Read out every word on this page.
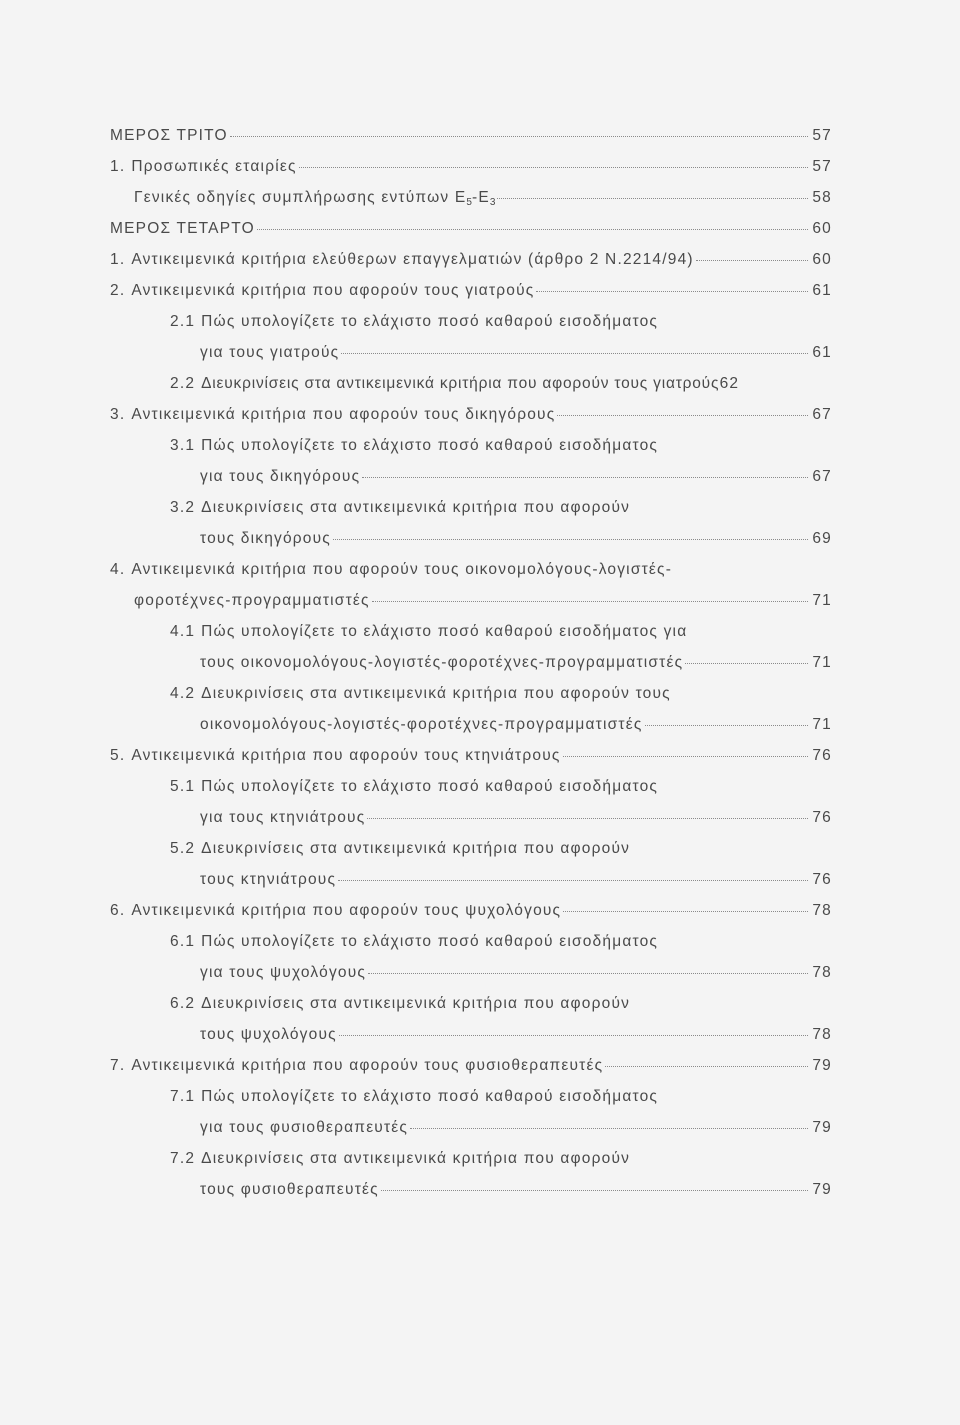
ΜΕΡΟΣ ΤΡΙΤΟ	57
1. Προσωπικές εταιρίες	57
Γενικές οδηγίες συμπλήρωσης εντύπων $E_5-E_3$	58
ΜΕΡΟΣ ΤΕΤΑΡΤΟ	60
1. Αντικειμενικά κριτήρια ελεύθερων επαγγελματιών (άρθρο 2 Ν.2214/94)	60
2. Αντικειμενικά κριτήρια που αφορούν τους γιατρούς	61
2.1 Πώς υπολογίζετε το ελάχιστο ποσό καθαρού εισοδήματος
για τους γιατρούς	61
2.2 Διευκρινίσεις στα αντικειμενικά κριτήρια που αφορούν τους γιατρούς 62
3. Αντικειμενικά κριτήρια που αφορούν τους δικηγόρους	67
3.1 Πώς υπολογίζετε το ελάχιστο ποσό καθαρού εισοδήματος
για τους δικηγόρους	67
3.2 Διευκρινίσεις στα αντικειμενικά κριτήρια που αφορούν
τους δικηγόρους	69
4. Αντικειμενικά κριτήρια που αφορούν τους οικονομολόγους-λογιστές-
φοροτέχνες-προγραμματιστές	71
4.1 Πώς υπολογίζετε το ελάχιστο ποσό καθαρού εισοδήματος για
τους οικονομολόγους-λογιστές-φοροτέχνες-προγραμματιστές	71
4.2 Διευκρινίσεις στα αντικειμενικά κριτήρια που αφορούν τους
οικονομολόγους-λογιστές-φοροτέχνες-προγραμματιστές	71
5. Αντικειμενικά κριτήρια που αφορούν τους κτηνιάτρους	76
5.1 Πώς υπολογίζετε το ελάχιστο ποσό καθαρού εισοδήματος
για τους κτηνιάτρους	76
5.2 Διευκρινίσεις στα αντικειμενικά κριτήρια που αφορούν
τους κτηνιάτρους	76
6. Αντικειμενικά κριτήρια που αφορούν τους ψυχολόγους	78
6.1 Πώς υπολογίζετε το ελάχιστο ποσό καθαρού εισοδήματος
για τους ψυχολόγους	78
6.2 Διευκρινίσεις στα αντικειμενικά κριτήρια που αφορούν
τους ψυχολόγους	78
7. Αντικειμενικά κριτήρια που αφορούν τους φυσιοθεραπευτές	79
7.1 Πώς υπολογίζετε το ελάχιστο ποσό καθαρού εισοδήματος
για τους φυσιοθεραπευτές	79
7.2 Διευκρινίσεις στα αντικειμενικά κριτήρια που αφορούν
τους φυσιοθεραπευτές	79
